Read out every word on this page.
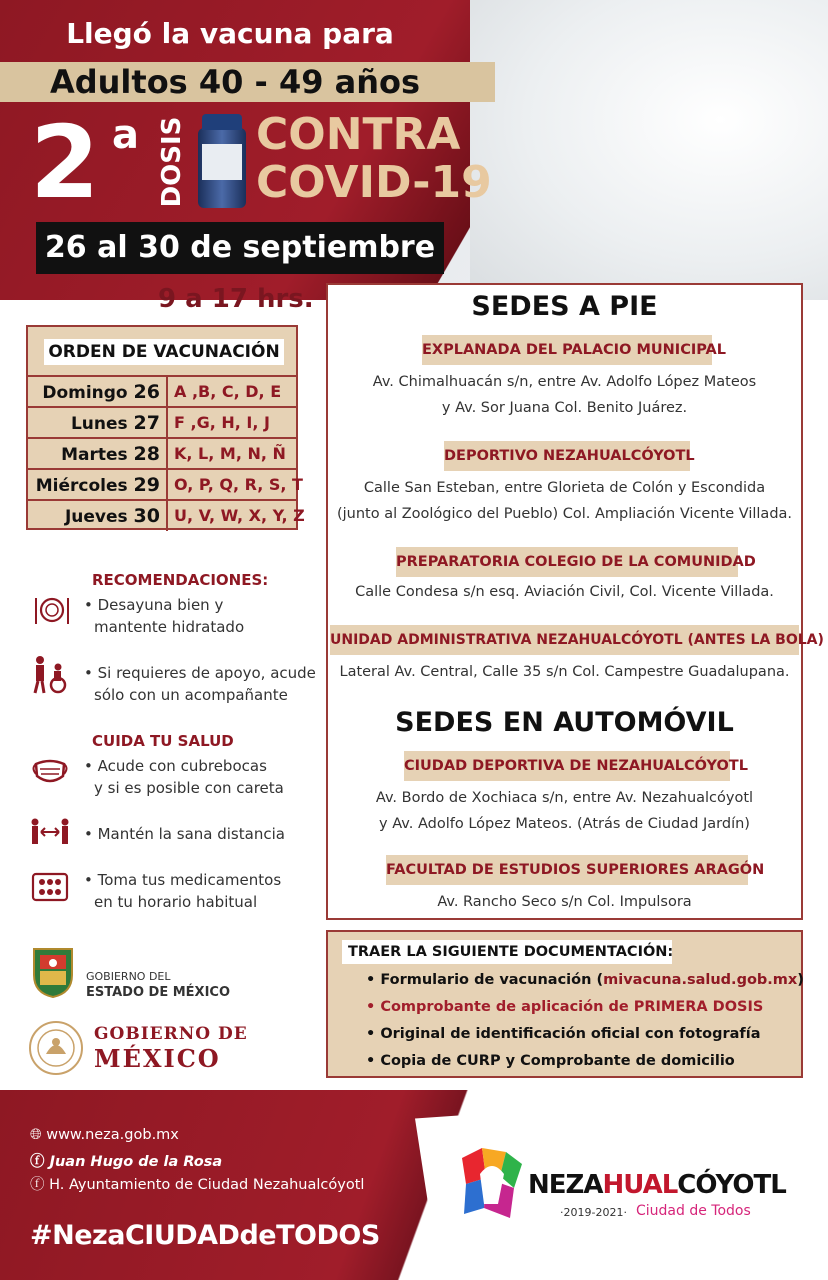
Llegó la vacuna para
Adultos 40 - 49 años
2 a DOSIS CONTRA
COVID-19
26 al 30 de septiembre
9 a 17 hrs.
ORDEN DE VACUNACIÓN
Domingo 26 A ,B, C, D, E
Lunes 27 F ,G, H, I, J
Martes 28 K, L, M, N, Ñ
Miércoles 29 O, P, Q, R, S, T
Jueves 30 U, V, W, X, Y, Z
RECOMENDACIONES:
• Desayuna bien y
mantente hidratado
• Si requieres de apoyo, acude
sólo con un acompañante
CUIDA TU SALUD
• Acude con cubrebocas
y si es posible con careta
• Mantén la sana distancia
• Toma tus medicamentos
en tu horario habitual
GOBIERNO DEL
ESTADO DE MÉXICO
GOBIERNO DE
MÉXICO
SEDES A PIE
EXPLANADA DEL PALACIO MUNICIPAL
Av. Chimalhuacán s/n, entre Av. Adolfo López Mateos
y Av. Sor Juana Col. Benito Juárez.
DEPORTIVO NEZAHUALCÓYOTL
Calle San Esteban, entre Glorieta de Colón y Escondida
(junto al Zoológico del Pueblo) Col. Ampliación Vicente Villada.
PREPARATORIA COLEGIO DE LA COMUNIDAD
Calle Condesa s/n esq. Aviación Civil, Col. Vicente Villada.
UNIDAD ADMINISTRATIVA NEZAHUALCÓYOTL (ANTES LA BOLA)
Lateral Av. Central, Calle 35 s/n Col. Campestre Guadalupana.
SEDES EN AUTOMÓVIL
CIUDAD DEPORTIVA DE NEZAHUALCÓYOTL
Av. Bordo de Xochiaca s/n, entre Av. Nezahualcóyotl
y Av. Adolfo López Mateos. (Atrás de Ciudad Jardín)
FACULTAD DE ESTUDIOS SUPERIORES ARAGÓN
Av. Rancho Seco s/n Col. Impulsora
TRAER LA SIGUIENTE DOCUMENTACIÓN:
• Formulario de vacunación (mivacuna.salud.gob.mx)
• Comprobante de aplicación de PRIMERA DOSIS
• Original de identificación oficial con fotografía
• Copia de CURP y Comprobante de domicilio
🌐︎ www.neza.gob.mx
ⓕ Juan Hugo de la Rosa
ⓕ H. Ayuntamiento de Ciudad Nezahualcóyotl
#NezaCIUDADdeTODOS
NEZAHUALCÓYOTL
·2019-2021· Ciudad de Todos
